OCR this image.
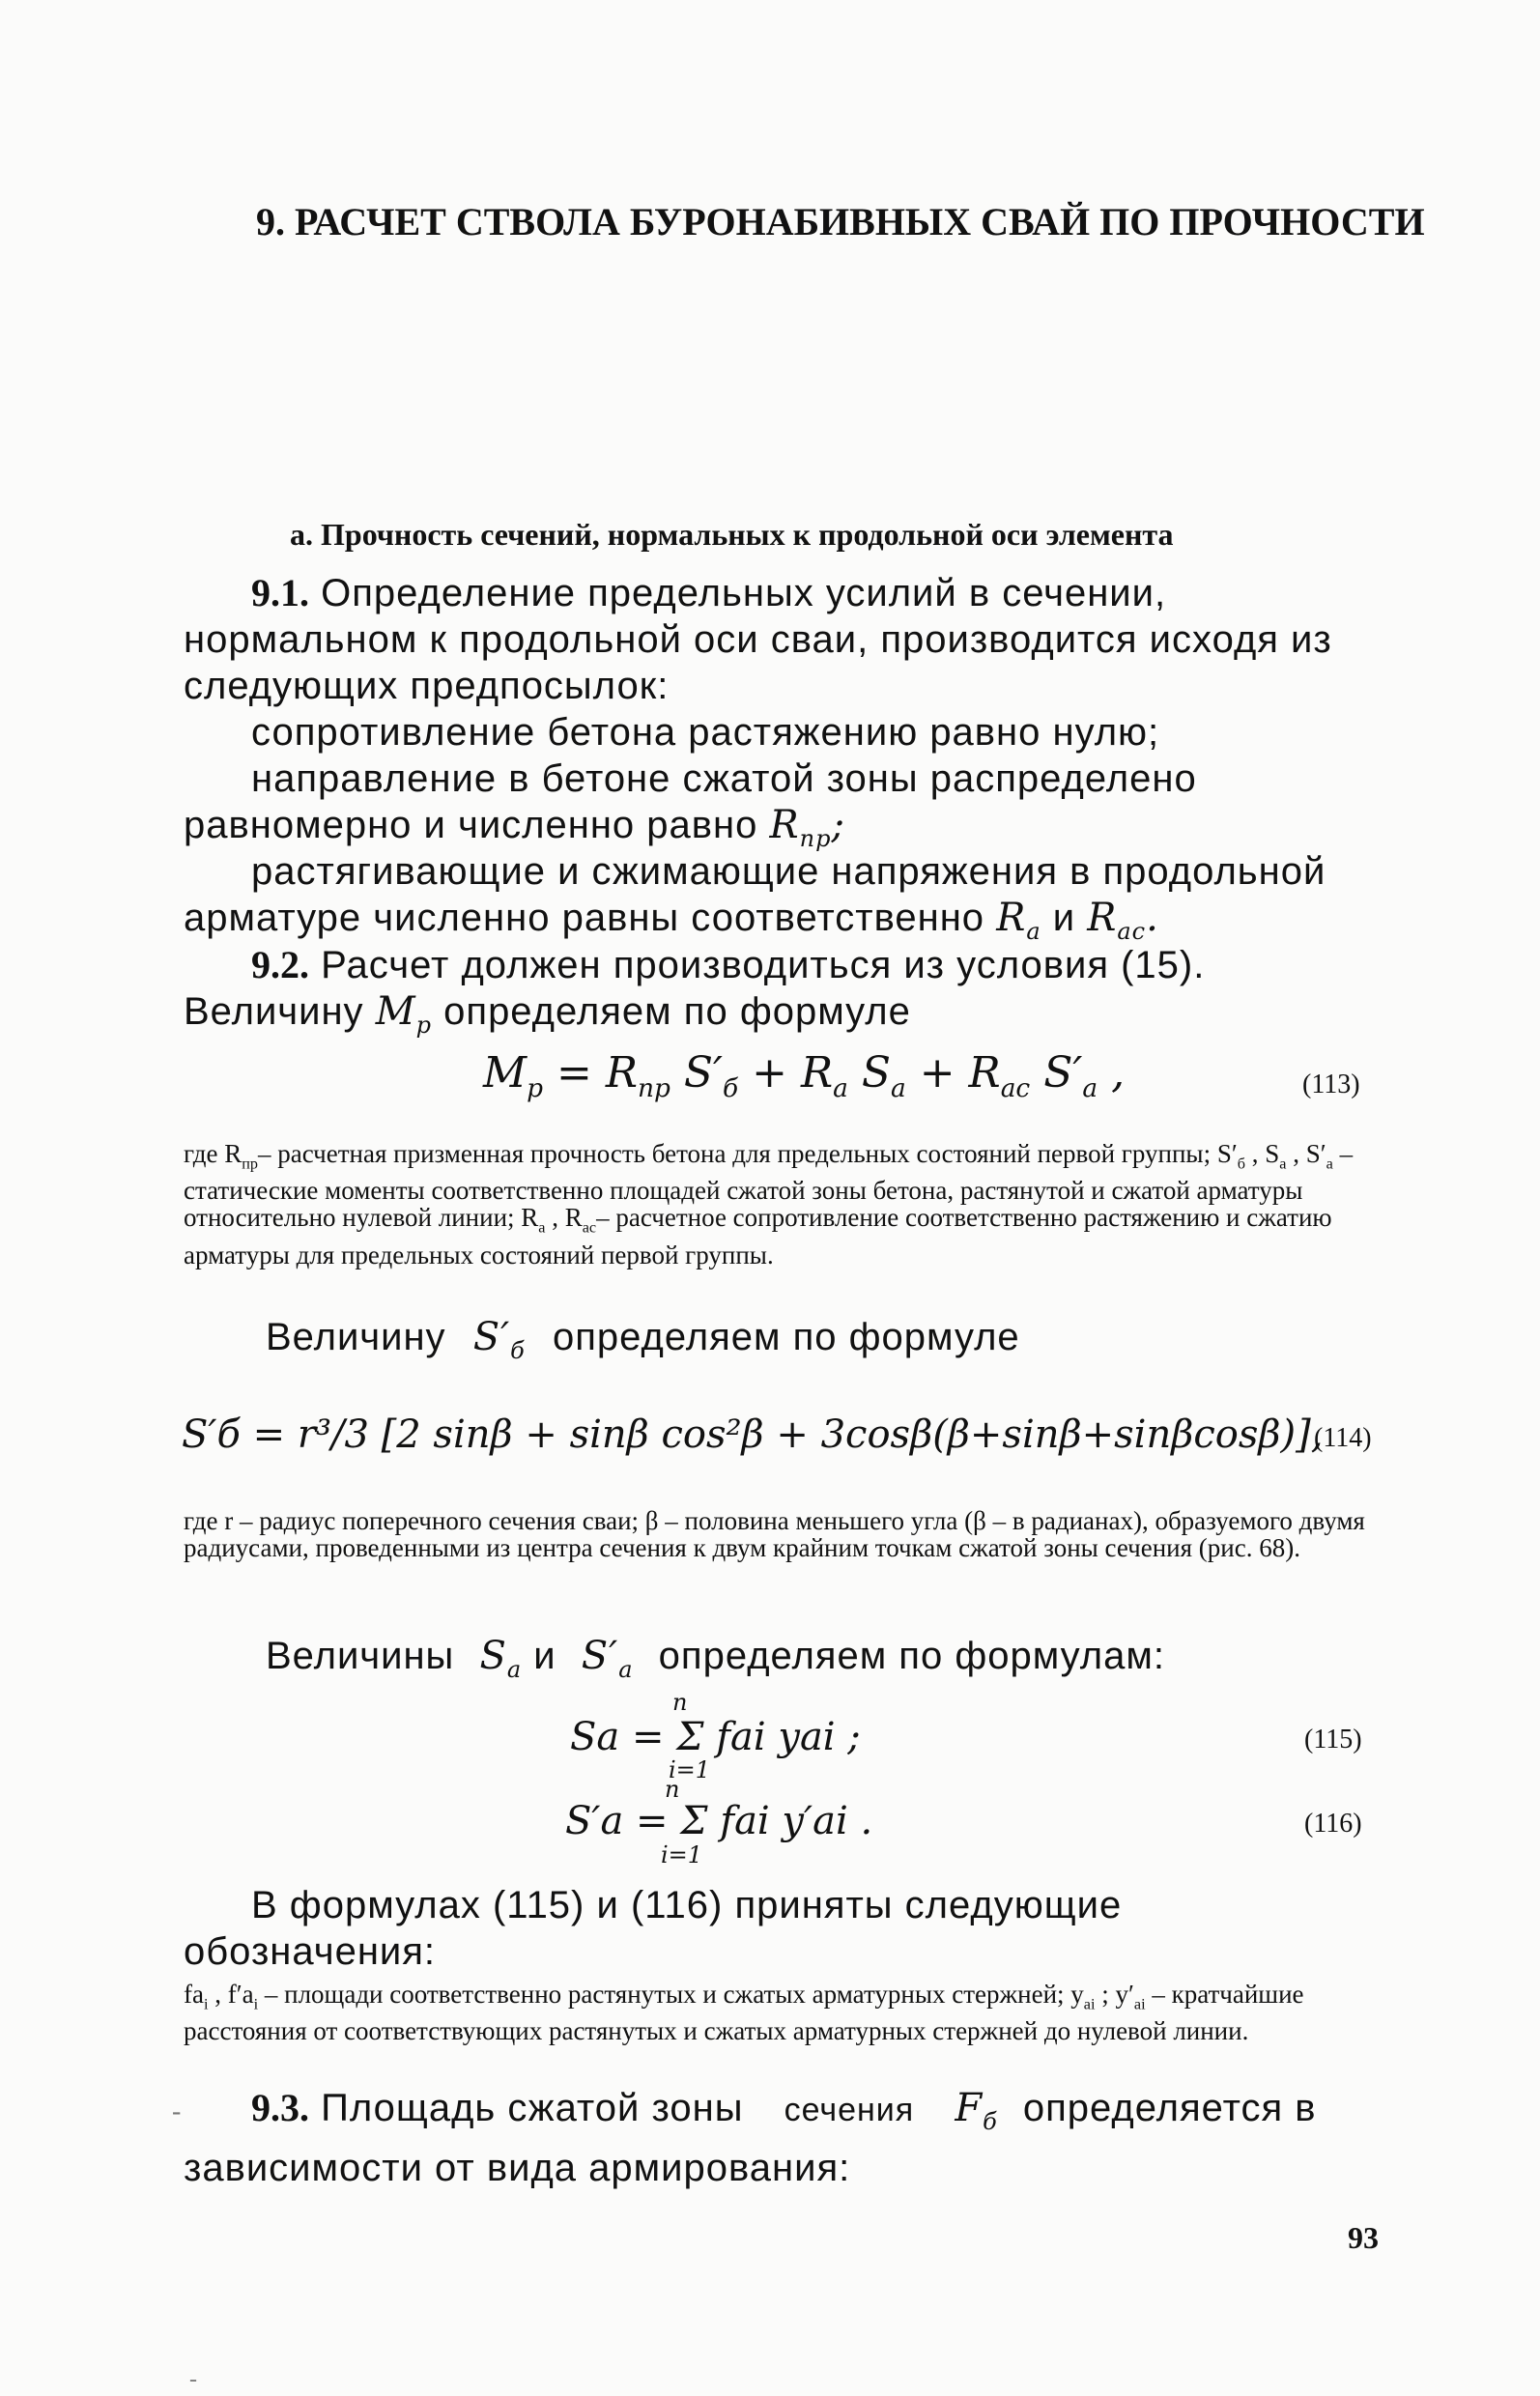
9. РАСЧЕТ СТВОЛА БУРОНАБИВНЫХ СВАЙ ПО ПРОЧНОСТИ
а. Прочность сечений, нормальных к продольной оси элемента
9.1. Определение предельных усилий в сечении, нормальном к продольной оси сваи, производится исходя из следующих предпосылок:
сопротивление бетона растяжению равно нулю;
направление в бетоне сжатой зоны распределено равномерно и численно равно $R_{пр}$;
растягивающие и сжимающие напряжения в продольной арматуре численно равны соответственно $R_a$ и $R_{ac}$.
9.2. Расчет должен производиться из условия (15). Величину $M_р$ определяем по формуле
$M_р = R_{пр}$ $S'_б + R_a$ $S_a + R_{ac}$ $S'_a$ ,	(113)
где $R_{пр}-$ расчетная призменная прочность бетона для предельных состояний первой группы; $S'_б$ , $S_a$ , $S'_a$ – статические моменты соответственно площадей сжатой зоны бетона, растянутой и сжатой арматуры относительно нулевой линии; $R_a$ , $R_{ac}-$ расчетное сопротивление соответственно растяжению и сжатию арматуры для предельных состояний первой группы.
Величину $S'_б$ определяем по формуле
S′б = r³/3 [2 sinβ + sinβ cos²β + 3cosβ(β+sinβ+sinβcosβ)],
(114)
где r – радиус поперечного сечения сваи; β – половина меньшего угла (β – в радианах), образуемого двумя радиусами, проведенными из центра сечения к двум крайним точкам сжатой зоны сечения (рис. 68).
Величины $S_a$ и $S'_a$ определяем по формулам:
n
Sa = Σ fai yai ;
i=1
(115)
n
S′a = Σ fai y′ai .
i=1
(116)
В формулах (115) и (116) приняты следующие обозначения:
$fa_i$ , $f'a_i$ – площади соответственно растянутых и сжатых арматурных стержней; $y_{ai}$ ; $y'_{ai}$ – кратчайшие расстояния от соответствующих растянутых и сжатых арматурных стержней до нулевой линии.
-	9.3. Площадь сжатой зоны сечения $F_б$ определяется в зависимости от вида армирования:
93
-
